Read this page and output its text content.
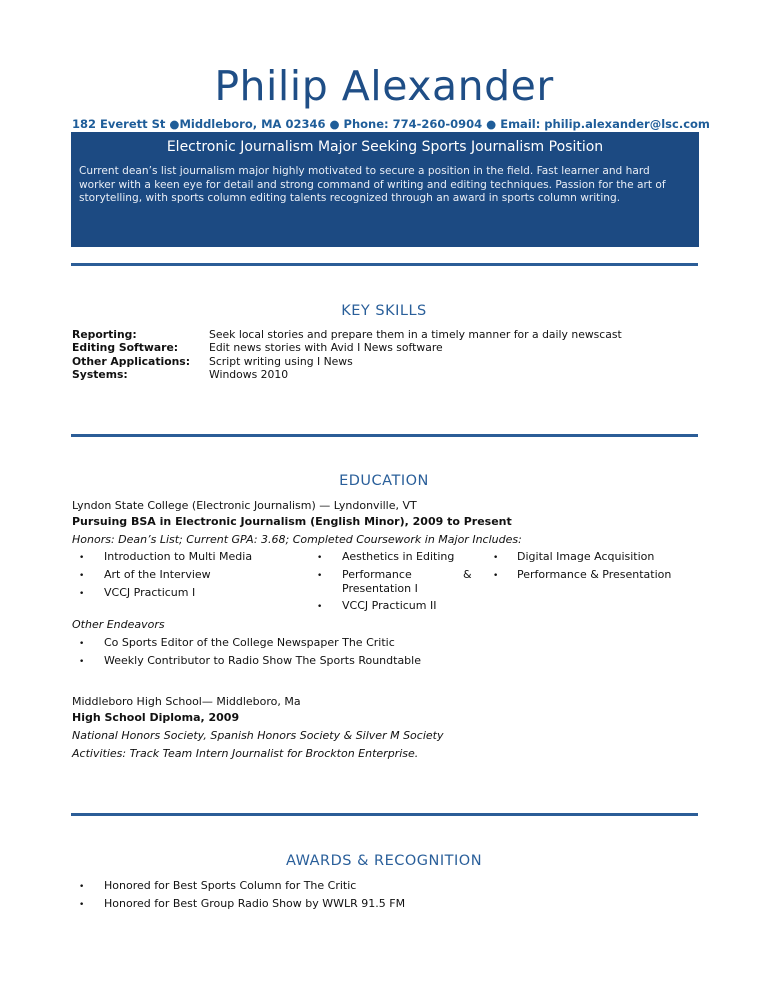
Philip Alexander
182 Everett St ●Middleboro, MA 02346 ● Phone: 774-260-0904 ● Email: philip.alexander@lsc.com
Electronic Journalism Major Seeking Sports Journalism Position
Current dean’s list journalism major highly motivated to secure a position in the field. Fast learner and hard worker with a keen eye for detail and strong command of writing and editing techniques. Passion for the art of storytelling, with sports column editing talents recognized through an award in sports column writing.
KEY SKILLS
Reporting:	Seek local stories and prepare them in a timely manner for a daily newscast
Editing Software:	Edit news stories with Avid I News software
Other Applications:	Script writing using I News
Systems:	Windows 2010
EDUCATION
Lyndon State College (Electronic Journalism) — Lyndonville, VT
Pursuing BSA in Electronic Journalism (English Minor), 2009 to Present
Honors: Dean’s List; Current GPA: 3.68; Completed Coursework in Major Includes:
• Introduction to Multi Media
• Art of the Interview
• VCCJ Practicum I
• Aesthetics in Editing
• Performance	&
Presentation I
• VCCJ Practicum II
• Digital Image Acquisition
• Performance & Presentation
Other Endeavors
• Co Sports Editor of the College Newspaper The Critic
• Weekly Contributor to Radio Show The Sports Roundtable
Middleboro High School— Middleboro, Ma
High School Diploma, 2009
National Honors Society, Spanish Honors Society & Silver M Society
Activities: Track Team Intern Journalist for Brockton Enterprise.
AWARDS & RECOGNITION
• Honored for Best Sports Column for The Critic
• Honored for Best Group Radio Show by WWLR 91.5 FM
